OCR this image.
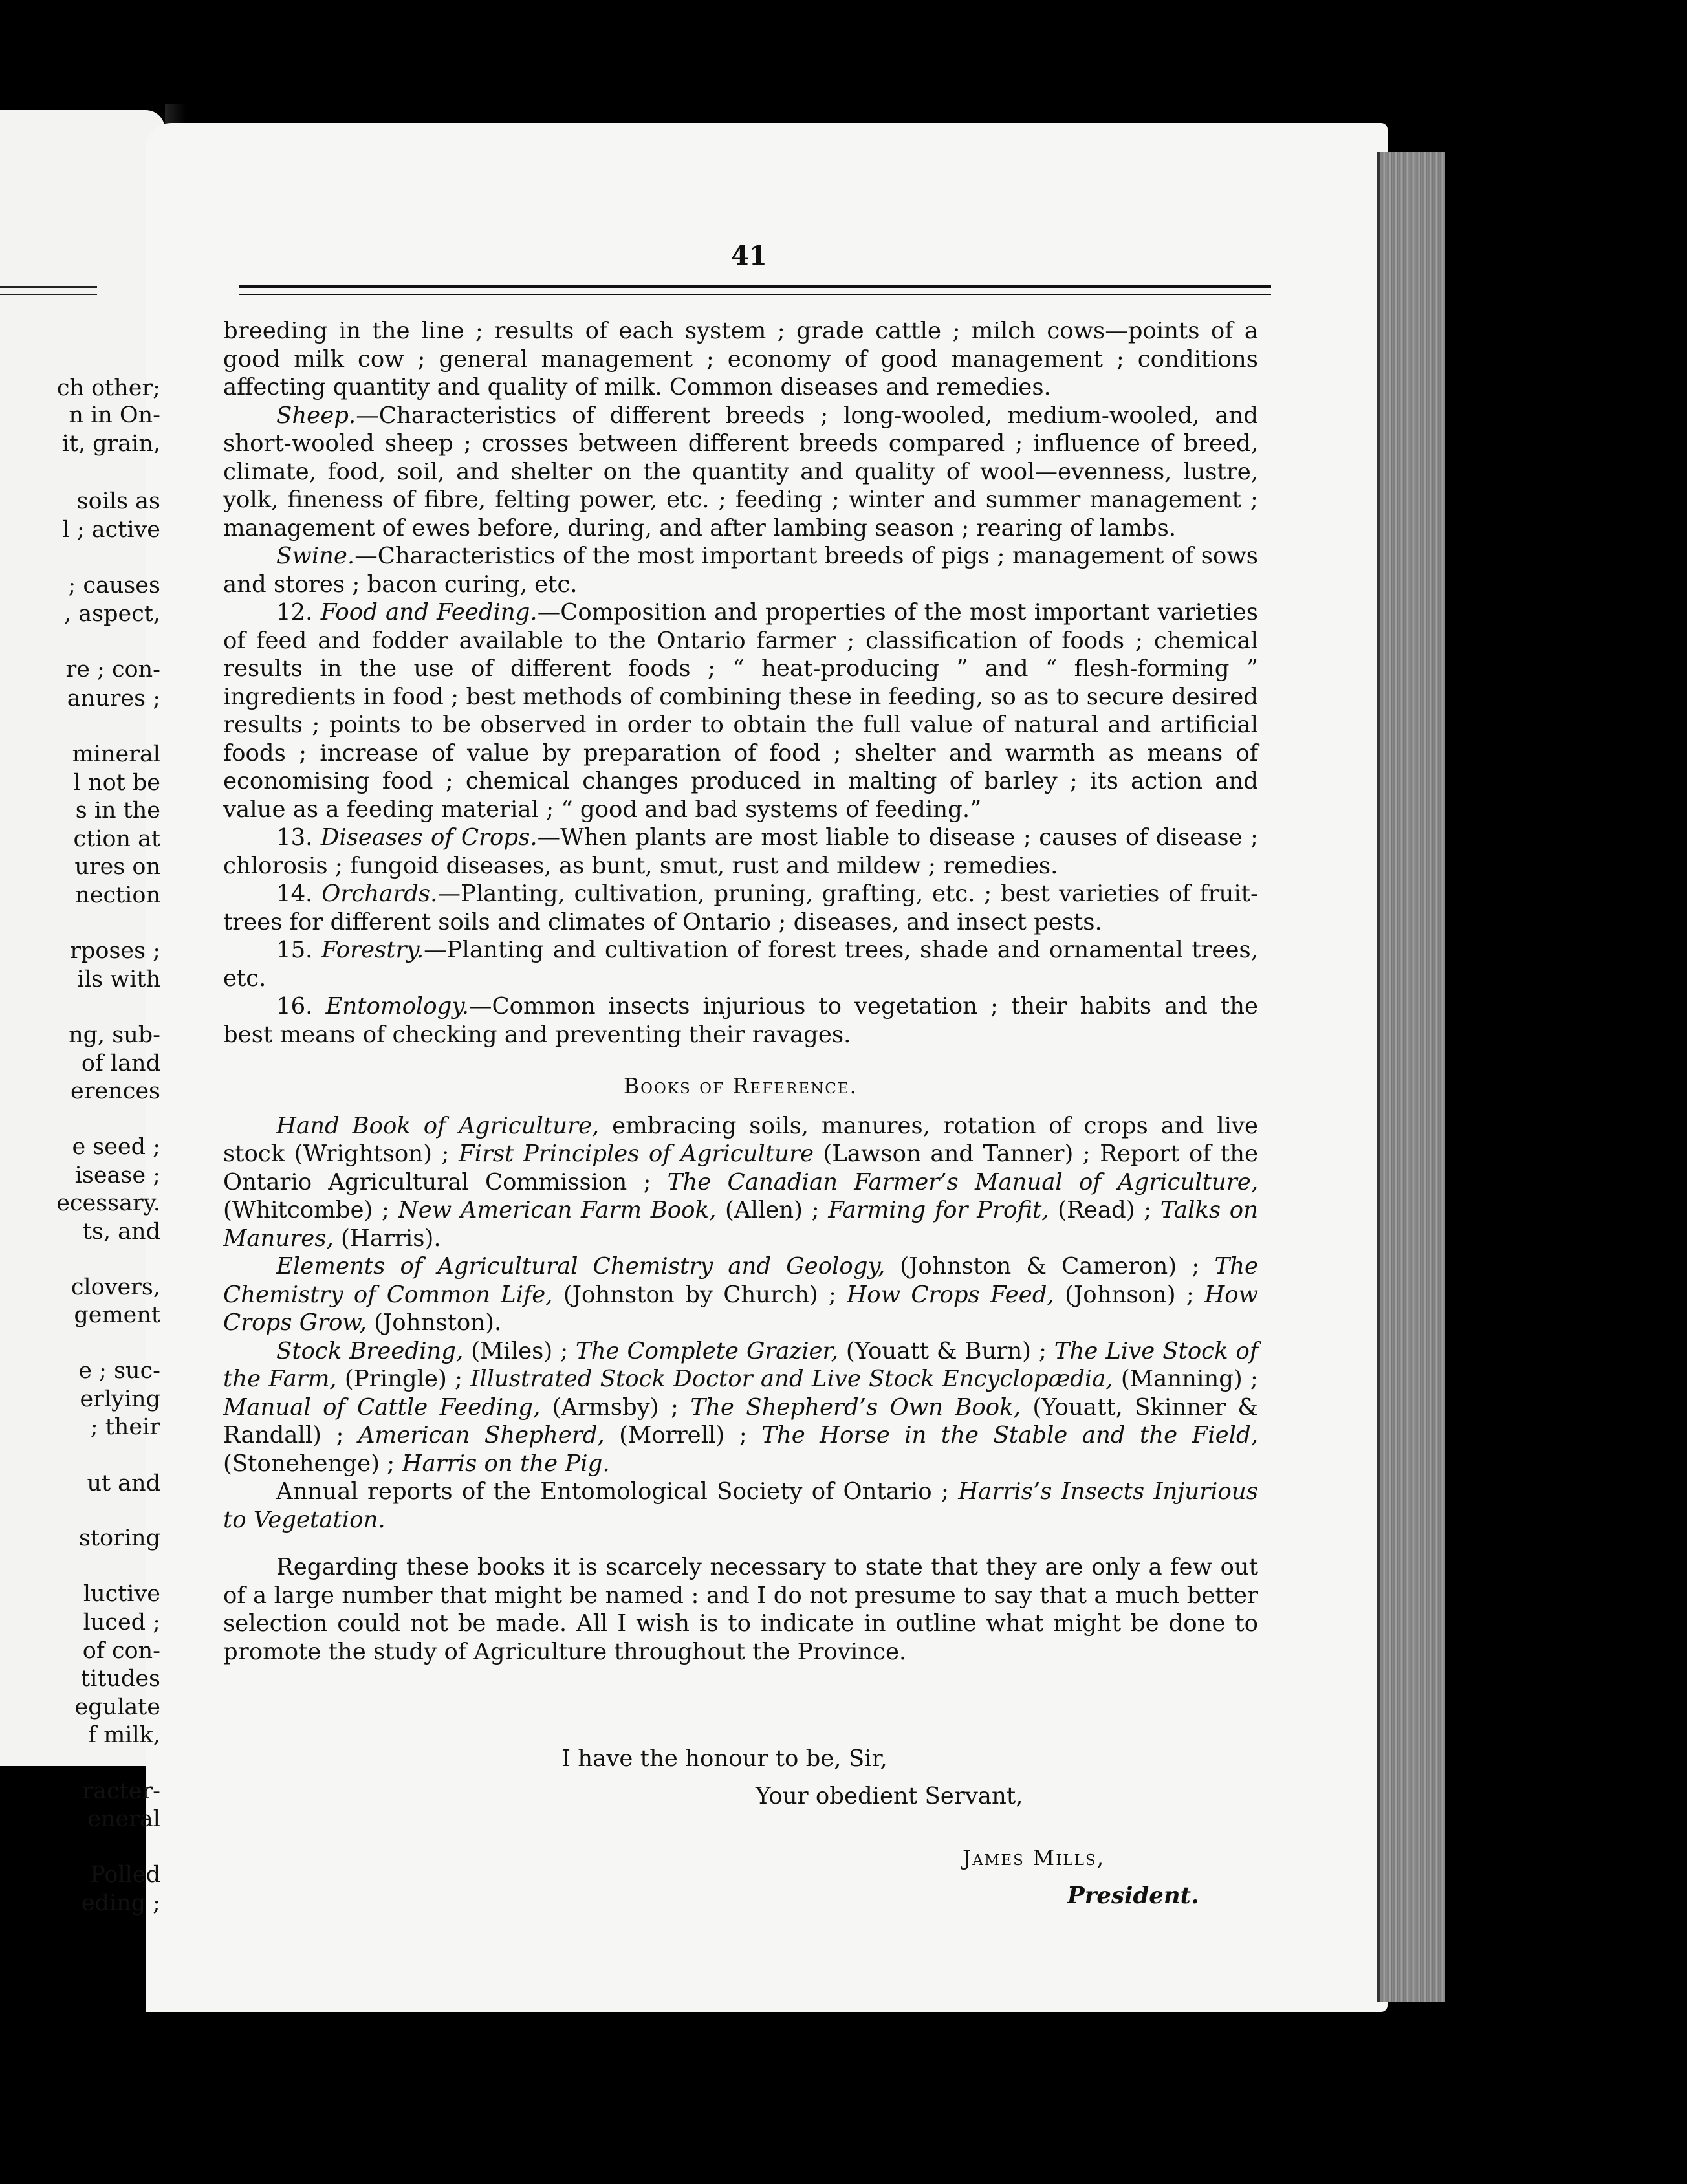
41

breeding in the line ; results of each system ; grade cattle ; milch cows—points of a good milk cow ; general management ; economy of good management ; conditions affecting quantity and quality of milk. Common diseases and remedies.

Sheep.—Characteristics of different breeds ; long-wooled, medium-wooled, and short-wooled sheep ; crosses between different breeds compared ; influence of breed, climate, food, soil, and shelter on the quantity and quality of wool—evenness, lustre, yolk, fineness of fibre, felting power, etc. ; feeding ; winter and summer management ; management of ewes before, during, and after lambing season ; rearing of lambs.

Swine.—Characteristics of the most important breeds of pigs ; management of sows and stores ; bacon curing, etc.

12. Food and Feeding.—Composition and properties of the most important varieties of feed and fodder available to the Ontario farmer ; classification of foods ; chemical results in the use of different foods ; “ heat-producing ” and “ flesh-forming ” ingredients in food ; best methods of combining these in feeding, so as to secure desired results ; points to be observed in order to obtain the full value of natural and artificial foods ; increase of value by preparation of food ; shelter and warmth as means of economising food ; chemical changes produced in malting of barley ; its action and value as a feeding material ; “ good and bad systems of feeding.”

13. Diseases of Crops.—When plants are most liable to disease ; causes of disease ; chlorosis ; fungoid diseases, as bunt, smut, rust and mildew ; remedies.

14. Orchards.—Planting, cultivation, pruning, grafting, etc. ; best varieties of fruit-trees for different soils and climates of Ontario ; diseases, and insect pests.

15. Forestry.—Planting and cultivation of forest trees, shade and ornamental trees, etc.

16. Entomology.—Common insects injurious to vegetation ; their habits and the best means of checking and preventing their ravages.

Books of Reference.

Hand Book of Agriculture, embracing soils, manures, rotation of crops and live stock (Wrightson) ; First Principles of Agriculture (Lawson and Tanner) ; Report of the Ontario Agricultural Commission ; The Canadian Farmer’s Manual of Agriculture, (Whitcombe) ; New American Farm Book, (Allen) ; Farming for Profit, (Read) ; Talks on Manures, (Harris).

Elements of Agricultural Chemistry and Geology, (Johnston & Cameron) ; The Chemistry of Common Life, (Johnston by Church) ; How Crops Feed, (Johnson) ; How Crops Grow, (Johnston).

Stock Breeding, (Miles) ; The Complete Grazier, (Youatt & Burn) ; The Live Stock of the Farm, (Pringle) ; Illustrated Stock Doctor and Live Stock Encyclopædia, (Manning) ; Manual of Cattle Feeding, (Armsby) ; The Shepherd’s Own Book, (Youatt, Skinner & Randall) ; American Shepherd, (Morrell) ; The Horse in the Stable and the Field, (Stonehenge) ; Harris on the Pig.

Annual reports of the Entomological Society of Ontario ; Harris’s Insects Injurious to Vegetation.

Regarding these books it is scarcely necessary to state that they are only a few out of a large number that might be named : and I do not presume to say that a much better selection could not be made. All I wish is to indicate in outline what might be done to promote the study of Agriculture throughout the Province.

I have the honour to be, Sir,
Your obedient Servant,
James Mills,
President.
ch other;
n in On-
it, grain,
soils as
l ; active
; causes
, aspect,
re ; con-
anures ;
mineral
l not be
s in the
ction at
ures on
nection
rposes ;
ils with
ng, sub-
of land
erences
e seed ;
isease ;
ecessary.
ts, and
clovers,
gement
e ; suc-
erlying
; their
ut and
storing
luctive
luced ;
of con-
titudes
egulate
f milk,
racter-
eneral
Polled
eding ;
